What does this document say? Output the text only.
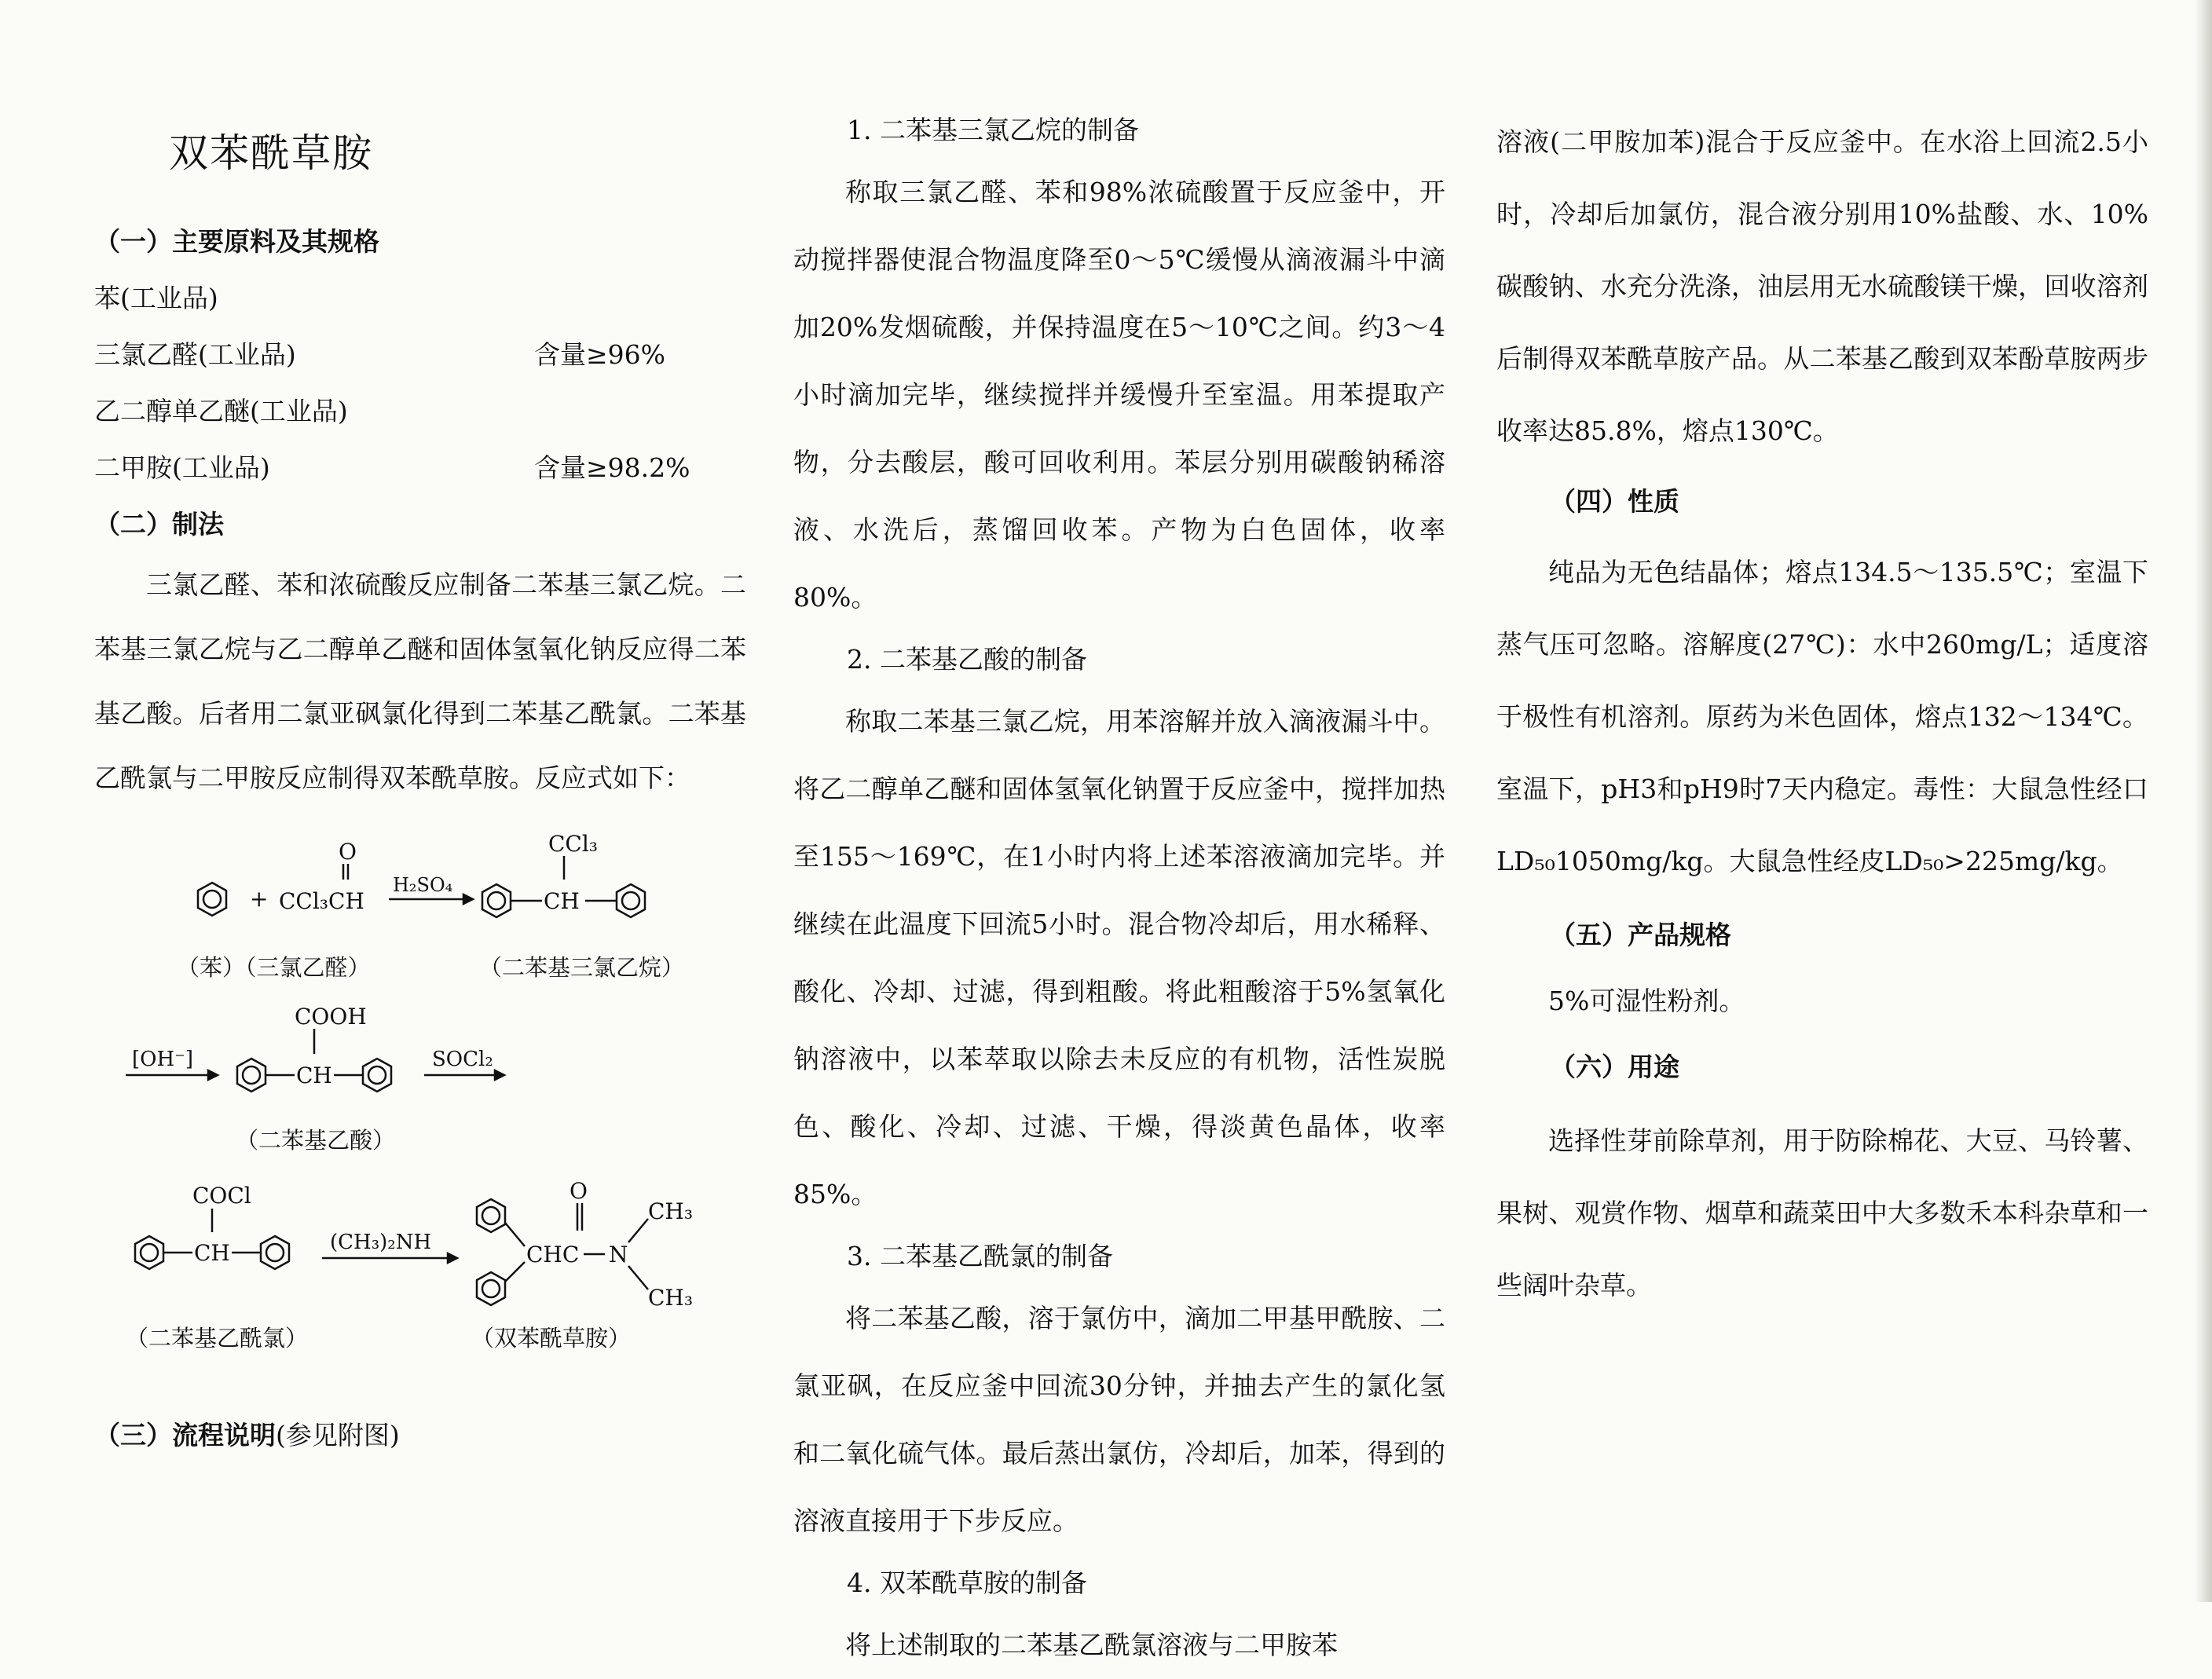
双苯酰草胺

（一）主要原料及其规格

苯(工业品)

三氯乙醛(工业品)	含量≥96%

乙二醇单乙醚(工业品)

二甲胺(工业品)	含量≥98.2%

（二）制法

三氯乙醛、苯和浓硫酸反应制备二苯基三氯乙烷。二苯基三氯乙烷与乙二醇单乙醚和固体氢氧化钠反应得二苯基乙酸。后者用二氯亚砜氯化得到二苯基乙酰氯。二苯基乙酰氯与二甲胺反应制得双苯酰草胺。反应式如下：

+ CCl₃CH
O
H₂SO₄
CH
CCl₃
（苯）（三氯乙醛）	（二苯基三氯乙烷）
[OH⁻]
COOH
CH
SOCl₂
（二苯基乙酸）
COCl
CH	(CH₃)₂NH	CHC
O
N
CH₃
CH₃
（二苯基乙酰氯）	（双苯酰草胺）

（三）流程说明(参见附图)

1. 二苯基三氯乙烷的制备

称取三氯乙醛、苯和98%浓硫酸置于反应釜中，开动搅拌器使混合物温度降至0～5℃缓慢从滴液漏斗中滴加20%发烟硫酸，并保持温度在5～10℃之间。约3～4小时滴加完毕，继续搅拌并缓慢升至室温。用苯提取产物，分去酸层，酸可回收利用。苯层分别用碳酸钠稀溶液、水洗后，蒸馏回收苯。产物为白色固体，收率80%。

2. 二苯基乙酸的制备

称取二苯基三氯乙烷，用苯溶解并放入滴液漏斗中。将乙二醇单乙醚和固体氢氧化钠置于反应釜中，搅拌加热至155～169℃，在1小时内将上述苯溶液滴加完毕。并继续在此温度下回流5小时。混合物冷却后，用水稀释、酸化、冷却、过滤，得到粗酸。将此粗酸溶于5%氢氧化钠溶液中，以苯萃取以除去未反应的有机物，活性炭脱色、酸化、冷却、过滤、干燥，得淡黄色晶体，收率85%。

3. 二苯基乙酰氯的制备

将二苯基乙酸，溶于氯仿中，滴加二甲基甲酰胺、二氯亚砜，在反应釜中回流30分钟，并抽去产生的氯化氢和二氧化硫气体。最后蒸出氯仿，冷却后，加苯，得到的溶液直接用于下步反应。

4. 双苯酰草胺的制备

将上述制取的二苯基乙酰氯溶液与二甲胺苯

溶液(二甲胺加苯)混合于反应釜中。在水浴上回流2.5小时，冷却后加氯仿，混合液分别用10%盐酸、水、10%碳酸钠、水充分洗涤，油层用无水硫酸镁干燥，回收溶剂后制得双苯酰草胺产品。从二苯基乙酸到双苯酚草胺两步收率达85.8%，熔点130℃。

（四）性质

纯品为无色结晶体；熔点134.5～135.5℃；室温下蒸气压可忽略。溶解度(27℃)：水中260mg/L；适度溶于极性有机溶剂。原药为米色固体，熔点132～134℃。室温下，pH3和pH9时7天内稳定。毒性：大鼠急性经口LD₅₀1050mg/kg。大鼠急性经皮LD₅₀>225mg/kg。

（五）产品规格

5%可湿性粉剂。

（六）用途

选择性芽前除草剂，用于防除棉花、大豆、马铃薯、果树、观赏作物、烟草和蔬菜田中大多数禾本科杂草和一些阔叶杂草。
